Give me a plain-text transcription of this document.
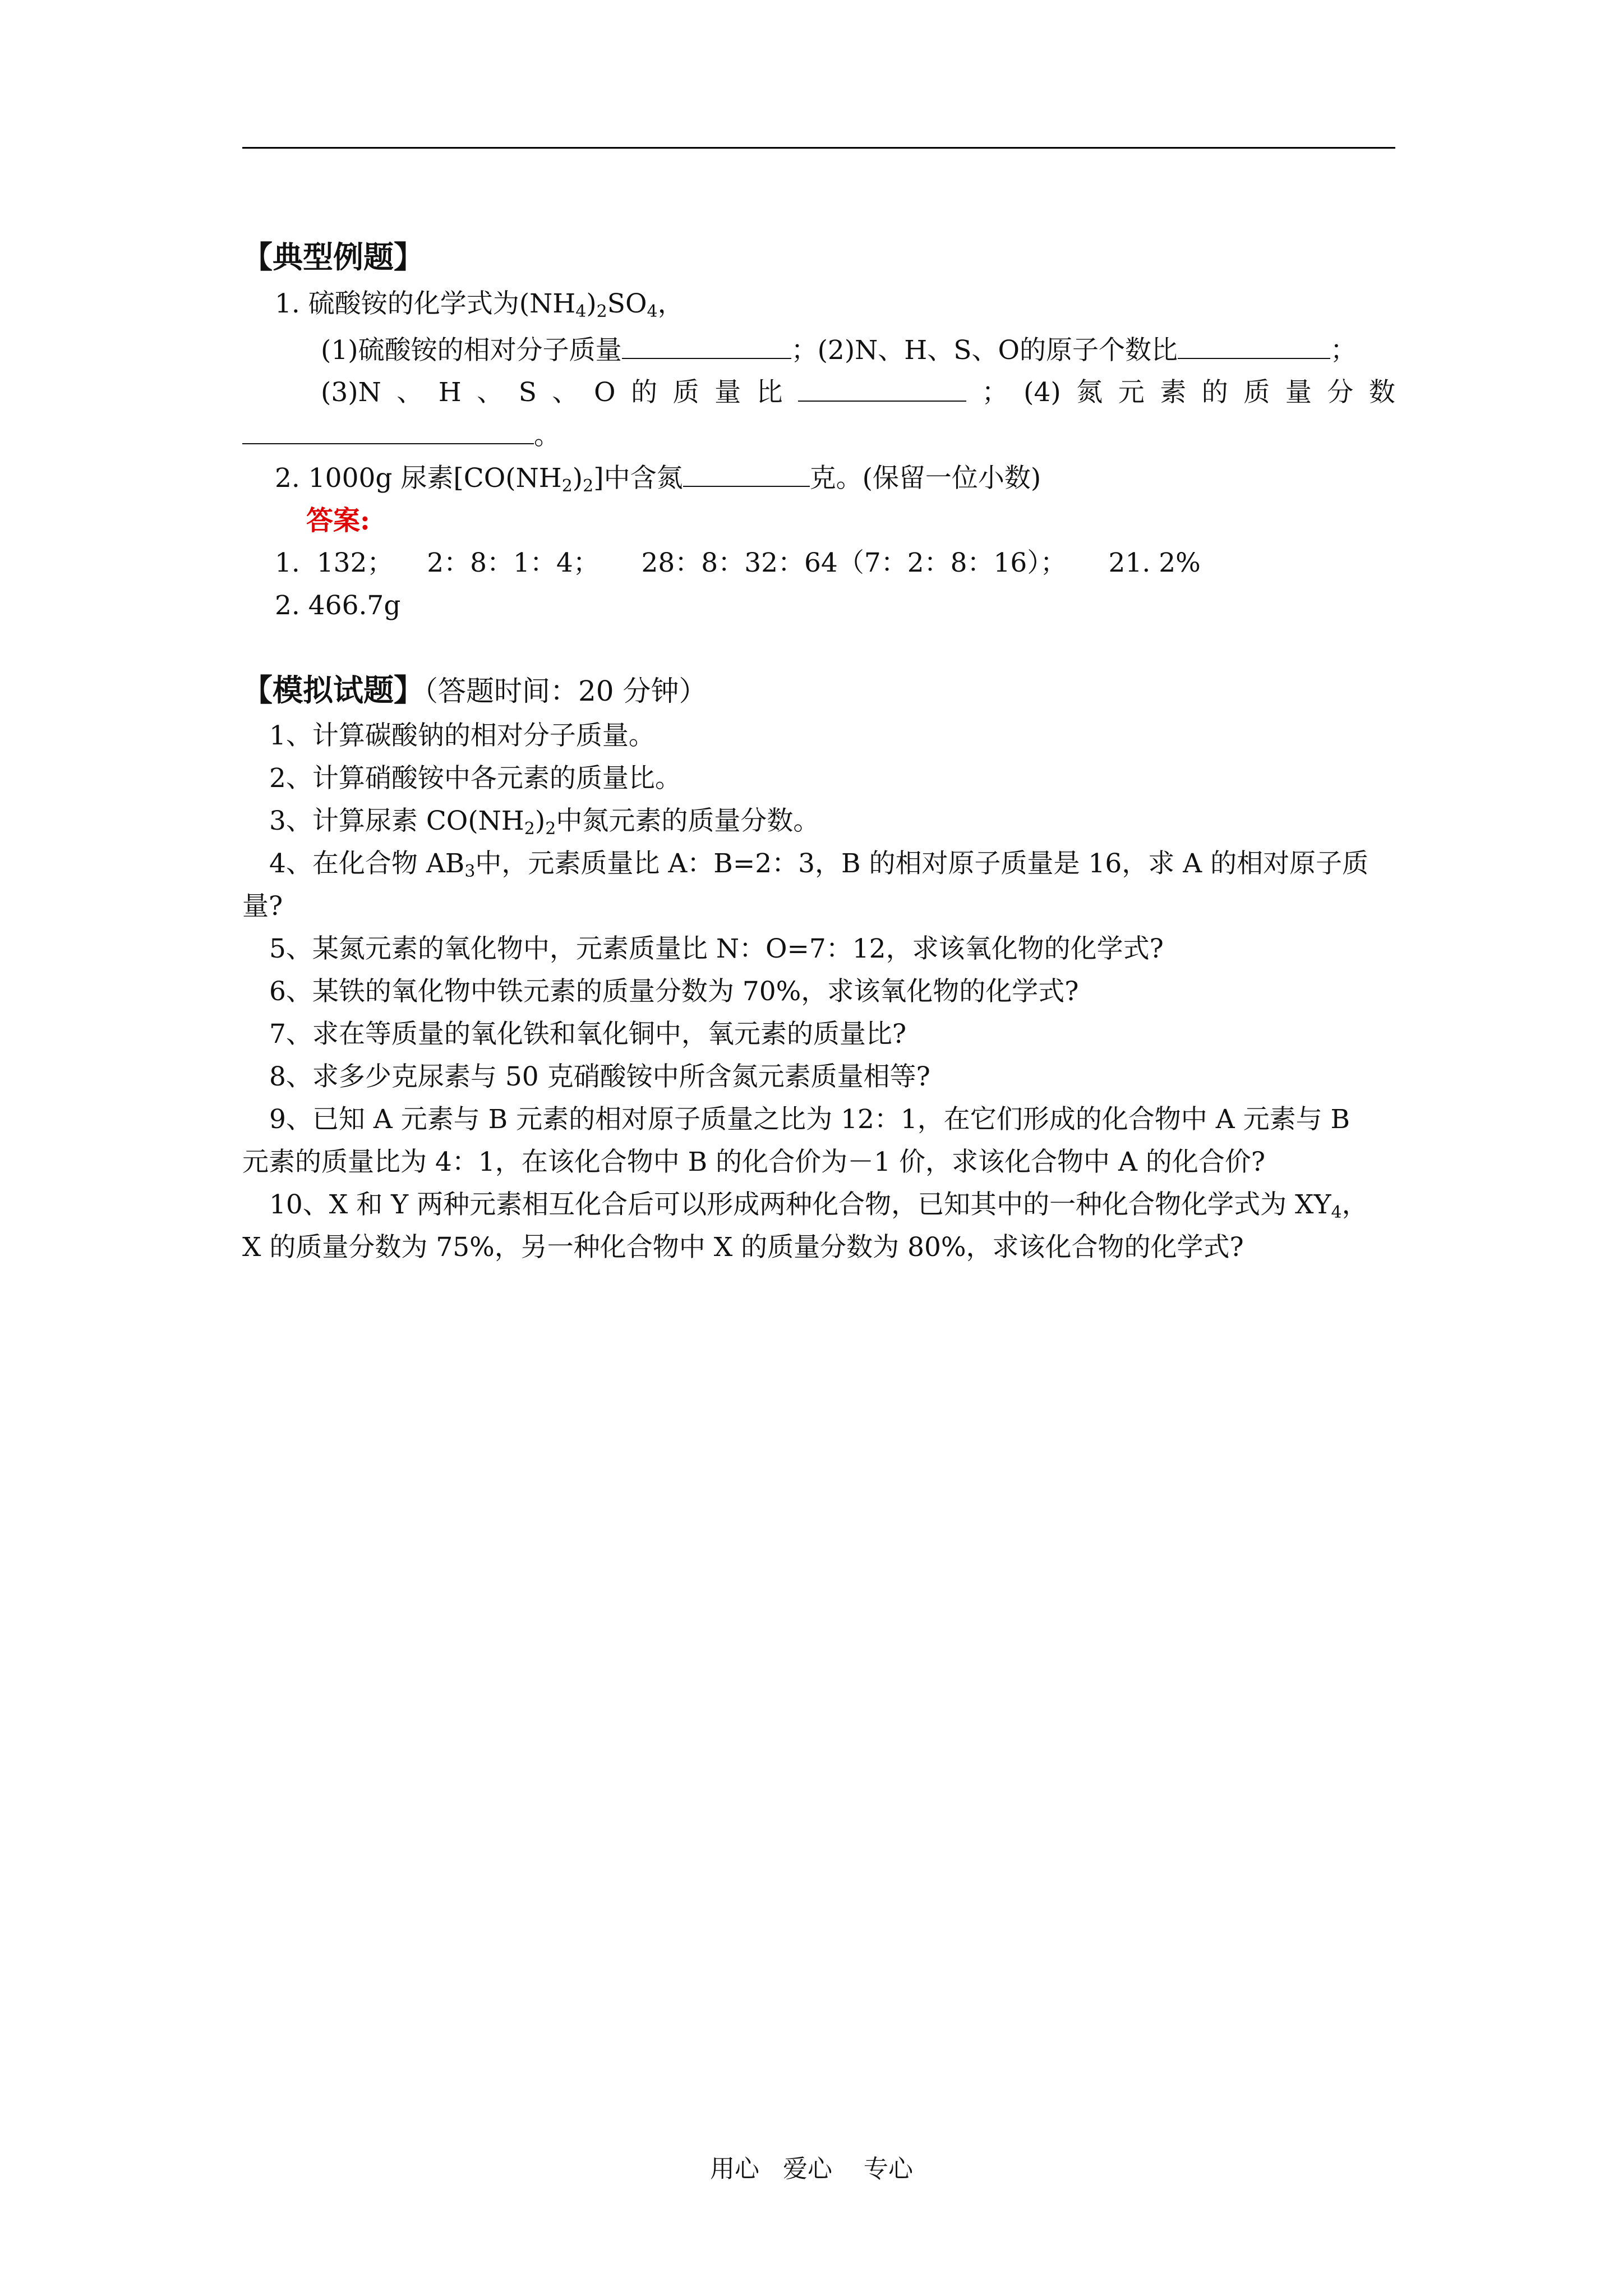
【典型例题】
1. 硫酸铵的化学式为$(NH_4)_2SO_4$，
(1)硫酸铵的相对分子质量	；(2)N、H、S、O的原子个数比	；
(3)N 、 H 、 S 、 O 的 质 量 比	； (4) 氮 元 素 的 质 量 分 数
。
2. 1000g 尿素$[CO(NH_2)_2]$中含氮	克。(保留一位小数)
答案:
1.  132；    2：8：1：4；     28：8：32：64（7：2：8：16）；     21. 2%
2. 466.7g
【模拟试题】（答题时间：20 分钟）
1、计算碳酸钠的相对分子质量。
2、计算硝酸铵中各元素的质量比。
3、计算尿素 $CO(NH_2)_2$中氮元素的质量分数。
4、在化合物 $AB_3$中，元素质量比 A：B=2：3，B 的相对原子质量是 16，求 A 的相对原子质
量?
5、某氮元素的氧化物中，元素质量比 N：O=7：12，求该氧化物的化学式?
6、某铁的氧化物中铁元素的质量分数为 70%，求该氧化物的化学式?
7、求在等质量的氧化铁和氧化铜中，氧元素的质量比?
8、求多少克尿素与 50 克硝酸铵中所含氮元素质量相等?
9、已知 A 元素与 B 元素的相对原子质量之比为 12：1，在它们形成的化合物中 A 元素与 B
元素的质量比为 4：1，在该化合物中 B 的化合价为－1 价，求该化合物中 A 的化合价?
10、X 和 Y 两种元素相互化合后可以形成两种化合物，已知其中的一种化合物化学式为 $XY_4$，
X 的质量分数为 75%，另一种化合物中 X 的质量分数为 80%，求该化合物的化学式?
用心   爱心    专心
